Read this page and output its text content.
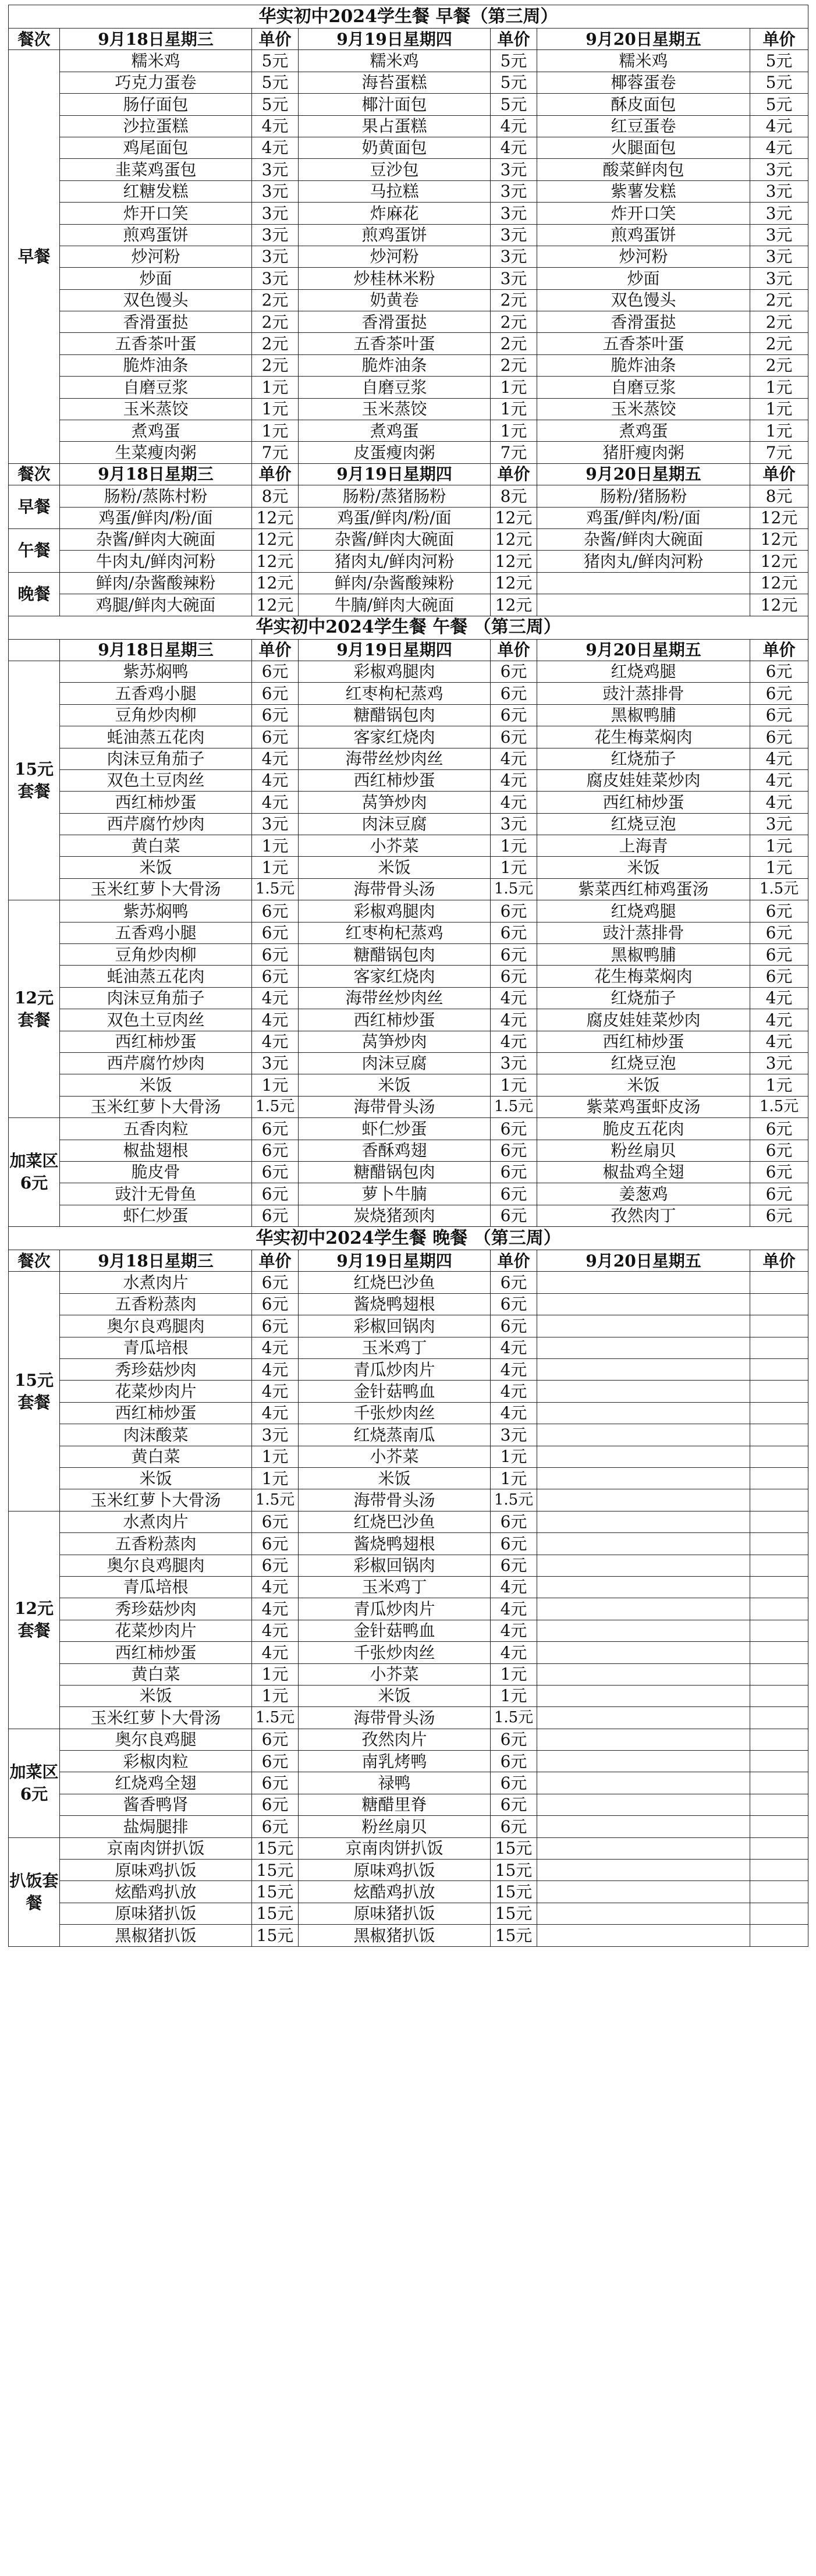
华实初中2024学生餐 早餐（第三周）						
餐次	9月18日星期三	单价	9月19日星期四	单价	9月20日星期五	单价
早餐	糯米鸡	5元	糯米鸡	5元	糯米鸡	5元
	巧克力蛋卷	5元	海苔蛋糕	5元	椰蓉蛋卷	5元
	肠仔面包	5元	椰汁面包	5元	酥皮面包	5元
	沙拉蛋糕	4元	果占蛋糕	4元	红豆蛋卷	4元
	鸡尾面包	4元	奶黄面包	4元	火腿面包	4元
	韭菜鸡蛋包	3元	豆沙包	3元	酸菜鲜肉包	3元
	红糖发糕	3元	马拉糕	3元	紫薯发糕	3元
	炸开口笑	3元	炸麻花	3元	炸开口笑	3元
	煎鸡蛋饼	3元	煎鸡蛋饼	3元	煎鸡蛋饼	3元
	炒河粉	3元	炒河粉	3元	炒河粉	3元
	炒面	3元	炒桂林米粉	3元	炒面	3元
	双色馒头	2元	奶黄卷	2元	双色馒头	2元
	香滑蛋挞	2元	香滑蛋挞	2元	香滑蛋挞	2元
	五香茶叶蛋	2元	五香茶叶蛋	2元	五香茶叶蛋	2元
	脆炸油条	2元	脆炸油条	2元	脆炸油条	2元
	自磨豆浆	1元	自磨豆浆	1元	自磨豆浆	1元
	玉米蒸饺	1元	玉米蒸饺	1元	玉米蒸饺	1元
	煮鸡蛋	1元	煮鸡蛋	1元	煮鸡蛋	1元
	生菜瘦肉粥	7元	皮蛋瘦肉粥	7元	猪肝瘦肉粥	7元
餐次	9月18日星期三	单价	9月19日星期四	单价	9月20日星期五	单价
早餐	肠粉/蒸陈村粉	8元	肠粉/蒸猪肠粉	8元	肠粉/猪肠粉	8元
	鸡蛋/鲜肉/粉/面	12元	鸡蛋/鲜肉/粉/面	12元	鸡蛋/鲜肉/粉/面	12元
午餐	杂酱/鲜肉大碗面	12元	杂酱/鲜肉大碗面	12元	杂酱/鲜肉大碗面	12元
	牛肉丸/鲜肉河粉	12元	猪肉丸/鲜肉河粉	12元	猪肉丸/鲜肉河粉	12元
晚餐	鲜肉/杂酱酸辣粉	12元	鲜肉/杂酱酸辣粉	12元		12元
	鸡腿/鲜肉大碗面	12元	牛腩/鲜肉大碗面	12元		12元
华实初中2024学生餐 午餐 （第三周）						
	9月18日星期三	单价	9月19日星期四	单价	9月20日星期五	单价
15元套餐	紫苏焖鸭	6元	彩椒鸡腿肉	6元	红烧鸡腿	6元
	五香鸡小腿	6元	红枣枸杞蒸鸡	6元	豉汁蒸排骨	6元
	豆角炒肉柳	6元	糖醋锅包肉	6元	黑椒鸭脯	6元
	蚝油蒸五花肉	6元	客家红烧肉	6元	花生梅菜焖肉	6元
	肉沫豆角茄子	4元	海带丝炒肉丝	4元	红烧茄子	4元
	双色土豆肉丝	4元	西红柿炒蛋	4元	腐皮娃娃菜炒肉	4元
	西红柿炒蛋	4元	莴笋炒肉	4元	西红柿炒蛋	4元
	西芹腐竹炒肉	3元	肉沫豆腐	3元	红烧豆泡	3元
	黄白菜	1元	小芥菜	1元	上海青	1元
	米饭	1元	米饭	1元	米饭	1元
	玉米红萝卜大骨汤	1.5元	海带骨头汤	1.5元	紫菜西红柿鸡蛋汤	1.5元
12元套餐	紫苏焖鸭	6元	彩椒鸡腿肉	6元	红烧鸡腿	6元
	五香鸡小腿	6元	红枣枸杞蒸鸡	6元	豉汁蒸排骨	6元
	豆角炒肉柳	6元	糖醋锅包肉	6元	黑椒鸭脯	6元
	蚝油蒸五花肉	6元	客家红烧肉	6元	花生梅菜焖肉	6元
	肉沫豆角茄子	4元	海带丝炒肉丝	4元	红烧茄子	4元
	双色土豆肉丝	4元	西红柿炒蛋	4元	腐皮娃娃菜炒肉	4元
	西红柿炒蛋	4元	莴笋炒肉	4元	西红柿炒蛋	4元
	西芹腐竹炒肉	3元	肉沫豆腐	3元	红烧豆泡	3元
	米饭	1元	米饭	1元	米饭	1元
	玉米红萝卜大骨汤	1.5元	海带骨头汤	1.5元	紫菜鸡蛋虾皮汤	1.5元
加菜区6元	五香肉粒	6元	虾仁炒蛋	6元	脆皮五花肉	6元
	椒盐翅根	6元	香酥鸡翅	6元	粉丝扇贝	6元
	脆皮骨	6元	糖醋锅包肉	6元	椒盐鸡全翅	6元
	豉汁无骨鱼	6元	萝卜牛腩	6元	姜葱鸡	6元
	虾仁炒蛋	6元	炭烧猪颈肉	6元	孜然肉丁	6元
华实初中2024学生餐 晚餐 （第三周）						
餐次	9月18日星期三	单价	9月19日星期四	单价	9月20日星期五	单价
15元套餐	水煮肉片	6元	红烧巴沙鱼	6元		
	五香粉蒸肉	6元	酱烧鸭翅根	6元		
	奥尔良鸡腿肉	6元	彩椒回锅肉	6元		
	青瓜培根	4元	玉米鸡丁	4元		
	秀珍菇炒肉	4元	青瓜炒肉片	4元		
	花菜炒肉片	4元	金针菇鸭血	4元		
	西红柿炒蛋	4元	千张炒肉丝	4元		
	肉沫酸菜	3元	红烧蒸南瓜	3元		
	黄白菜	1元	小芥菜	1元		
	米饭	1元	米饭	1元		
	玉米红萝卜大骨汤	1.5元	海带骨头汤	1.5元		
12元套餐	水煮肉片	6元	红烧巴沙鱼	6元		
	五香粉蒸肉	6元	酱烧鸭翅根	6元		
	奥尔良鸡腿肉	6元	彩椒回锅肉	6元		
	青瓜培根	4元	玉米鸡丁	4元		
	秀珍菇炒肉	4元	青瓜炒肉片	4元		
	花菜炒肉片	4元	金针菇鸭血	4元		
	西红柿炒蛋	4元	千张炒肉丝	4元		
	黄白菜	1元	小芥菜	1元		
	米饭	1元	米饭	1元		
	玉米红萝卜大骨汤	1.5元	海带骨头汤	1.5元		
加菜区6元	奥尔良鸡腿	6元	孜然肉片	6元		
	彩椒肉粒	6元	南乳烤鸭	6元		
	红烧鸡全翅	6元	禄鸭	6元		
	酱香鸭肾	6元	糖醋里脊	6元		
	盐焗腿排	6元	粉丝扇贝	6元		
扒饭套餐	京南肉饼扒饭	15元	京南肉饼扒饭	15元		
	原味鸡扒饭	15元	原味鸡扒饭	15元		
	炫酷鸡扒放	15元	炫酷鸡扒放	15元		
	原味猪扒饭	15元	原味猪扒饭	15元		
	黑椒猪扒饭	15元	黑椒猪扒饭	15元		
